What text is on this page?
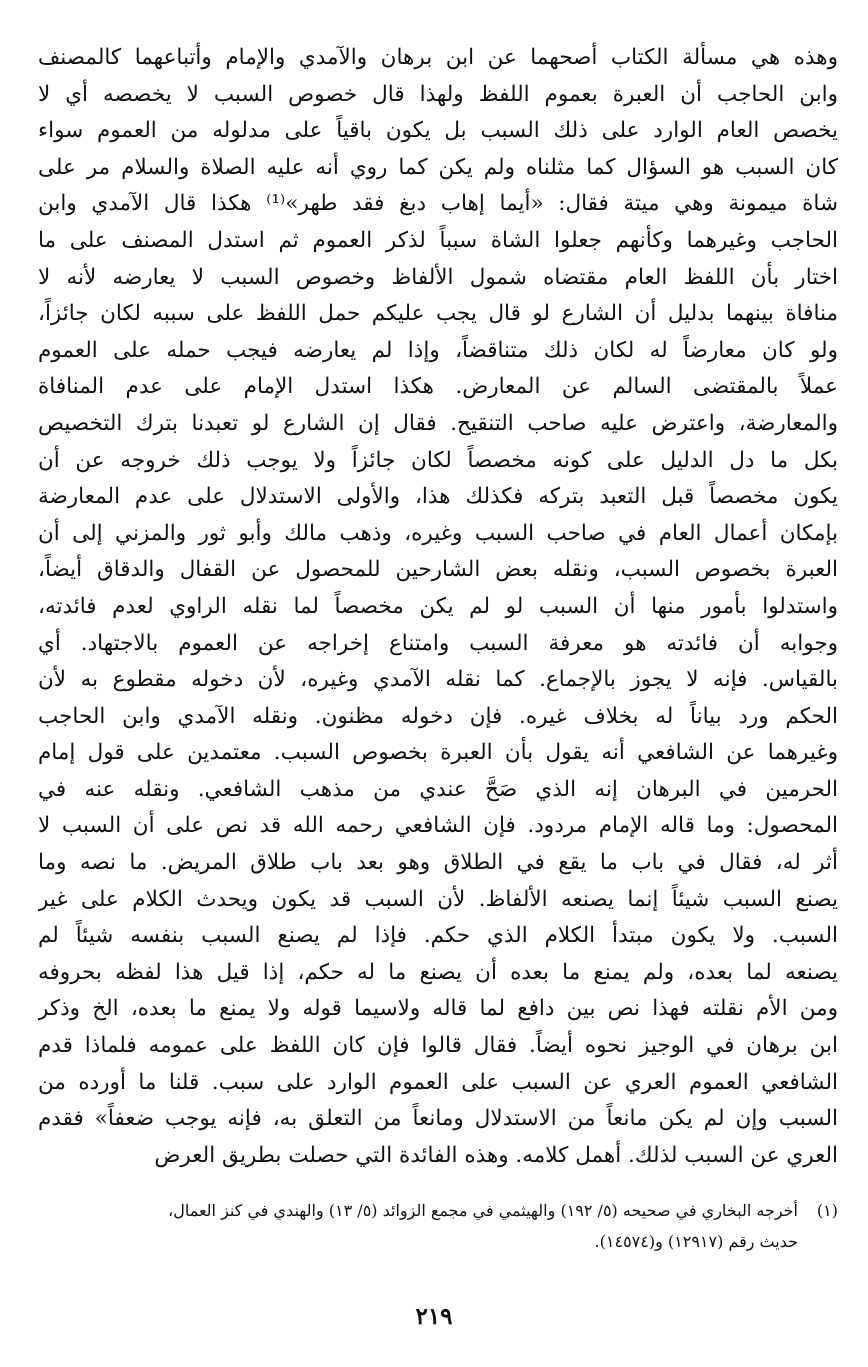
وهذه هي مسألة الكتاب أصحهما عن ابن برهان والآمدي والإمام وأتباعهما كالمصنف
وابن الحاجب أن العبرة بعموم اللفظ ولهذا قال خصوص السبب لا يخصصه أي لا
يخصص العام الوارد على ذلك السبب بل يكون باقياً على مدلوله من العموم سواء
كان السبب هو السؤال كما مثلناه ولم يكن كما روي أنه عليه الصلاة والسلام مر على
شاة ميمونة وهي ميتة فقال: «أيما إهاب دبغ فقد طهر»⁽¹⁾ هكذا قال الآمدي وابن
الحاجب وغيرهما وكأنهم جعلوا الشاة سبباً لذكر العموم ثم استدل المصنف على ما
اختار بأن اللفظ العام مقتضاه شمول الألفاظ وخصوص السبب لا يعارضه لأنه لا
منافاة بينهما بدليل أن الشارع لو قال يجب عليكم حمل اللفظ على سببه لكان جائزاً،
ولو كان معارضاً له لكان ذلك متناقضاً، وإذا لم يعارضه فيجب حمله على العموم
عملاً بالمقتضى السالم عن المعارض. هكذا استدل الإمام على عدم المنافاة
والمعارضة، واعترض عليه صاحب التنقيح. فقال إن الشارع لو تعبدنا بترك التخصيص
بكل ما دل الدليل على كونه مخصصاً لكان جائزاً ولا يوجب ذلك خروجه عن أن
يكون مخصصاً قبل التعبد بتركه فكذلك هذا، والأولى الاستدلال على عدم المعارضة
بإمكان أعمال العام في صاحب السبب وغيره، وذهب مالك وأبو ثور والمزني إلى أن
العبرة بخصوص السبب، ونقله بعض الشارحين للمحصول عن القفال والدقاق أيضاً،
واستدلوا بأمور منها أن السبب لو لم يكن مخصصاً لما نقله الراوي لعدم فائدته،
وجوابه أن فائدته هو معرفة السبب وامتناع إخراجه عن العموم بالاجتهاد. أي
بالقياس. فإنه لا يجوز بالإجماع. كما نقله الآمدي وغيره، لأن دخوله مقطوع به لأن
الحكم ورد بياناً له بخلاف غيره. فإن دخوله مظنون. ونقله الآمدي وابن الحاجب
وغيرهما عن الشافعي أنه يقول بأن العبرة بخصوص السبب. معتمدين على قول إمام
الحرمين في البرهان إنه الذي صَحَّ عندي من مذهب الشافعي. ونقله عنه في
المحصول: وما قاله الإمام مردود. فإن الشافعي رحمه الله قد نص على أن السبب لا
أثر له، فقال في باب ما يقع في الطلاق وهو بعد باب طلاق المريض. ما نصه وما
يصنع السبب شيئاً إنما يصنعه الألفاظ. لأن السبب قد يكون ويحدث الكلام على غير
السبب. ولا يكون مبتدأ الكلام الذي حكم. فإذا لم يصنع السبب بنفسه شيئاً لم
يصنعه لما بعده، ولم يمنع ما بعده أن يصنع ما له حكم، إذا قيل هذا لفظه بحروفه
ومن الأم نقلته فهذا نص بين دافع لما قاله ولاسيما قوله ولا يمنع ما بعده، الخ وذكر
ابن برهان في الوجيز نحوه أيضاً. فقال قالوا فإن كان اللفظ على عمومه فلماذا قدم
الشافعي العموم العري عن السبب على العموم الوارد على سبب. قلنا ما أورده من
السبب وإن لم يكن مانعاً من الاستدلال ومانعاً من التعلق به، فإنه يوجب ضعفاً» فقدم
العري عن السبب لذلك. أهمل كلامه. وهذه الفائدة التي حصلت بطريق العرض
(١)أخرجه البخاري في صحيحه (٥/ ١٩٢) والهيثمي في مجمع الزوائد (٥/ ١٣) والهندي في كنز العمال،
حديث رقم (١٢٩١٧) و(١٤٥٧٤).
٢١٩
